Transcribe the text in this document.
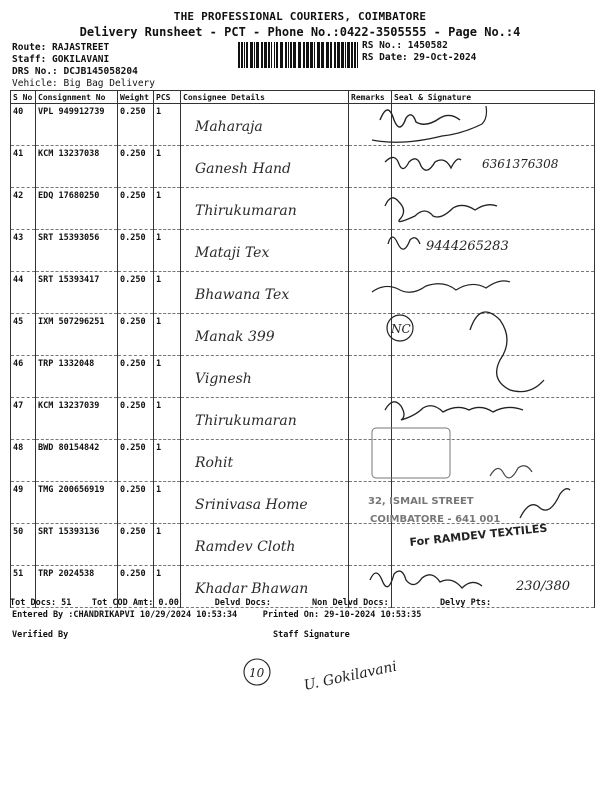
THE PROFESSIONAL COURIERS, COIMBATORE
Delivery Runsheet - PCT - Phone No.:0422-3505555 - Page No.:4
Route: RAJASTREET
Staff: GOKILAVANI
DRS No.: DCJB145058204
Vehicle: Big Bag Delivery
RS No.: 1450582
RS Date: 29-Oct-2024
S No	Consignment No	Weight	PCS	Consignee Details	Remarks	Seal & Signature
40	VPL 949912739	0.250	1	Maharaja		
41	KCM 13237038	0.250	1	Ganesh Hand		
42	EDQ 17680250	0.250	1	Thirukumaran		
43	SRT 15393056	0.250	1	Mataji Tex		
44	SRT 15393417	0.250	1	Bhawana Tex		
45	IXM 507296251	0.250	1	Manak 399		
46	TRP 1332048	0.250	1	Vignesh		
47	KCM 13237039	0.250	1	Thirukumaran		
48	BWD 80154842	0.250	1	Rohit		
49	TMG 200656919	0.250	1	Srinivasa Home		
50	SRT 15393136	0.250	1	Ramdev Cloth		
51	TRP 2024538	0.250	1	Khadar Bhawan		
6361376308
9444265283
NC
32, ISMAIL STREET
COIMBATORE - 641 001
For RAMDEV TEXTILES
230/380
10	U. Gokilavani
Tot Docs: 51 Tot COD Amt: 0.00	Delvd Docs:	Non Delvd Docs:	Delvy Pts:
Entered By :CHANDRIKAPVI 10/29/2024 10:53:34	Printed On: 29-10-2024 10:53:35
Verified By	Staff Signature
